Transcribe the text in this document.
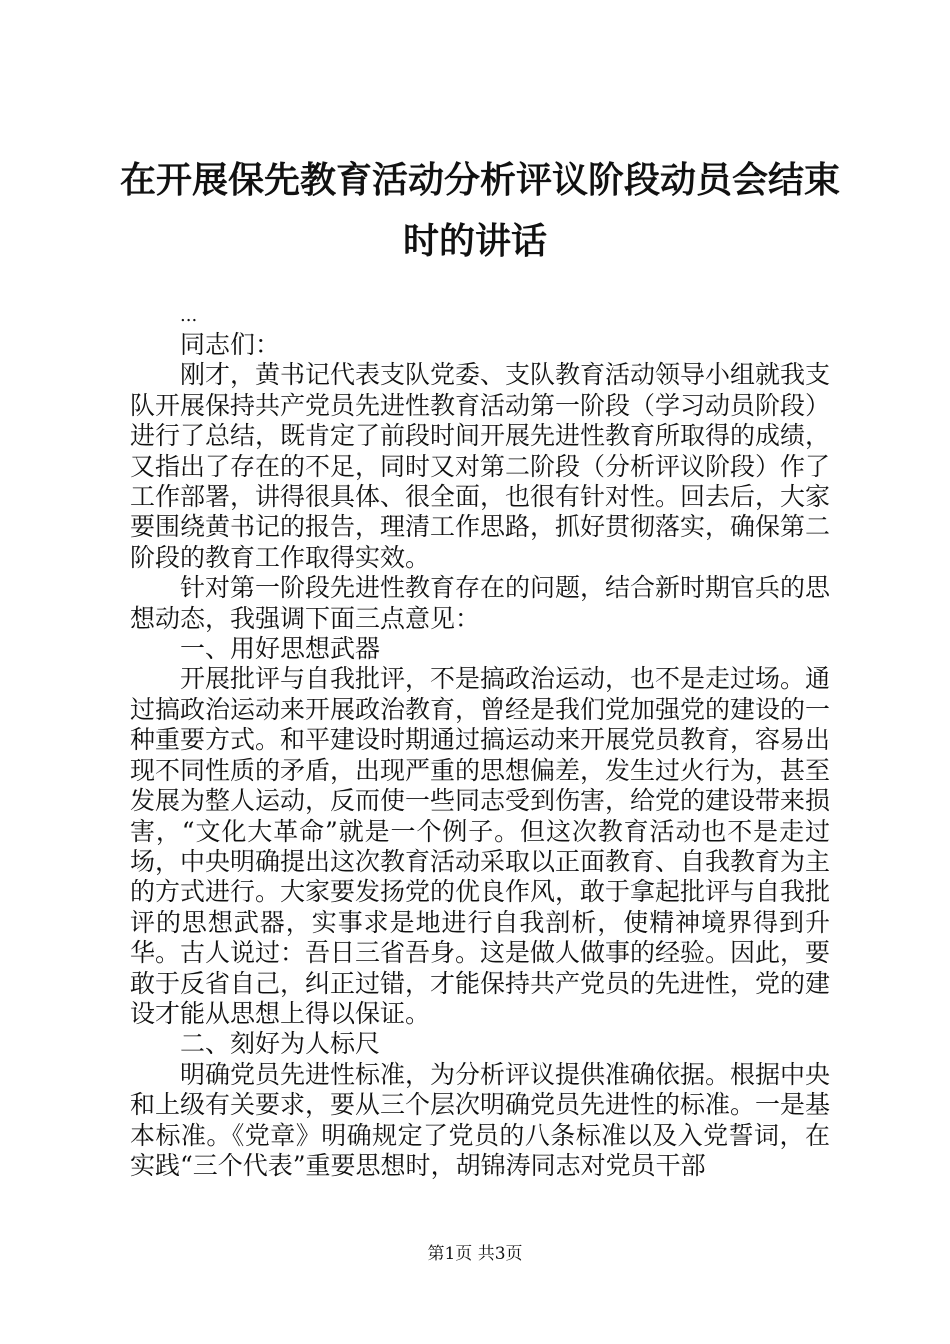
在开展保先教育活动分析评议阶段动员会结束
时的讲话
...

同志们：

刚才，黄书记代表支队党委、支队教育活动领导小组就我支队开展保持共产党员先进性教育活动第一阶段（学习动员阶段）进行了总结，既肯定了前段时间开展先进性教育所取得的成绩，又指出了存在的不足，同时又对第二阶段（分析评议阶段）作了工作部署，讲得很具体、很全面，也很有针对性。回去后，大家要围绕黄书记的报告，理清工作思路，抓好贯彻落实，确保第二阶段的教育工作取得实效。

针对第一阶段先进性教育存在的问题，结合新时期官兵的思想动态，我强调下面三点意见：

一、用好思想武器

开展批评与自我批评，不是搞政治运动，也不是走过场。通过搞政治运动来开展政治教育，曾经是我们党加强党的建设的一种重要方式。和平建设时期通过搞运动来开展党员教育，容易出现不同性质的矛盾，出现严重的思想偏差，发生过火行为，甚至发展为整人运动，反而使一些同志受到伤害，给党的建设带来损害，“文化大革命”就是一个例子。但这次教育活动也不是走过场，中央明确提出这次教育活动采取以正面教育、自我教育为主的方式进行。大家要发扬党的优良作风，敢于拿起批评与自我批评的思想武器，实事求是地进行自我剖析，使精神境界得到升华。古人说过：吾日三省吾身。这是做人做事的经验。因此，要敢于反省自己，纠正过错，才能保持共产党员的先进性，党的建设才能从思想上得以保证。

二、刻好为人标尺

明确党员先进性标准，为分析评议提供准确依据。根据中央和上级有关要求，要从三个层次明确党员先进性的标准。一是基本标准。《党章》明确规定了党员的八条标准以及入党誓词，在实践“三个代表”重要思想时，胡锦涛同志对党员干部

第1页 共3页
